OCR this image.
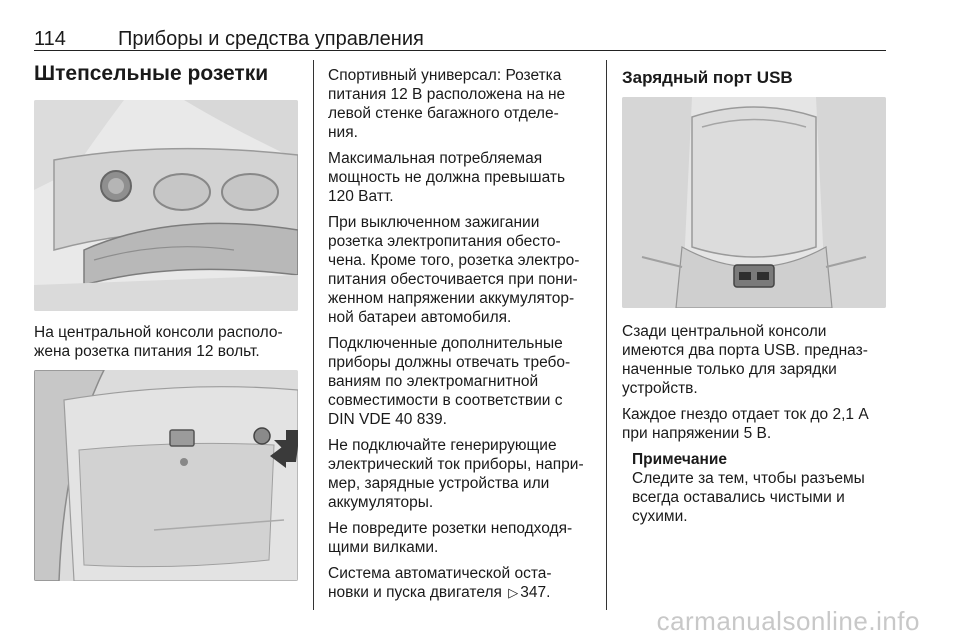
114	Приборы и средства управления
Штепсельные розетки
На центральной консоли располо-
жена розетка питания 12 вольт.
Спортивный универсал: Розетка
питания 12 В расположена на не
левой стенке багажного отделе-
ния.
Максимальная потребляемая
мощность не должна превышать
120 Ватт.
При выключенном зажигании
розетка электропитания обесто-
чена. Кроме того, розетка электро-
питания обесточивается при пони-
женном напряжении аккумулятор-
ной батареи автомобиля.
Подключенные дополнительные
приборы должны отвечать требо-
ваниям по электромагнитной
совместимости в соответствии с
DIN VDE 40 839.
Не подключайте генерирующие
электрический ток приборы, напри-
мер, зарядные устройства или
аккумуляторы.
Не повредите розетки неподходя-
щими вилками.
Система автоматической оста-
новки и пуска двигателя ▷ 347.
Зарядный порт USB
Сзади центральной консоли
имеются два порта USB. предназ-
наченные только для зарядки
устройств.
Каждое гнездо отдает ток до 2,1 А
при напряжении 5 В.

Примечание

Следите за тем, чтобы разъемы
всегда оставались чистыми и
сухими.
carmanualsonline.info
